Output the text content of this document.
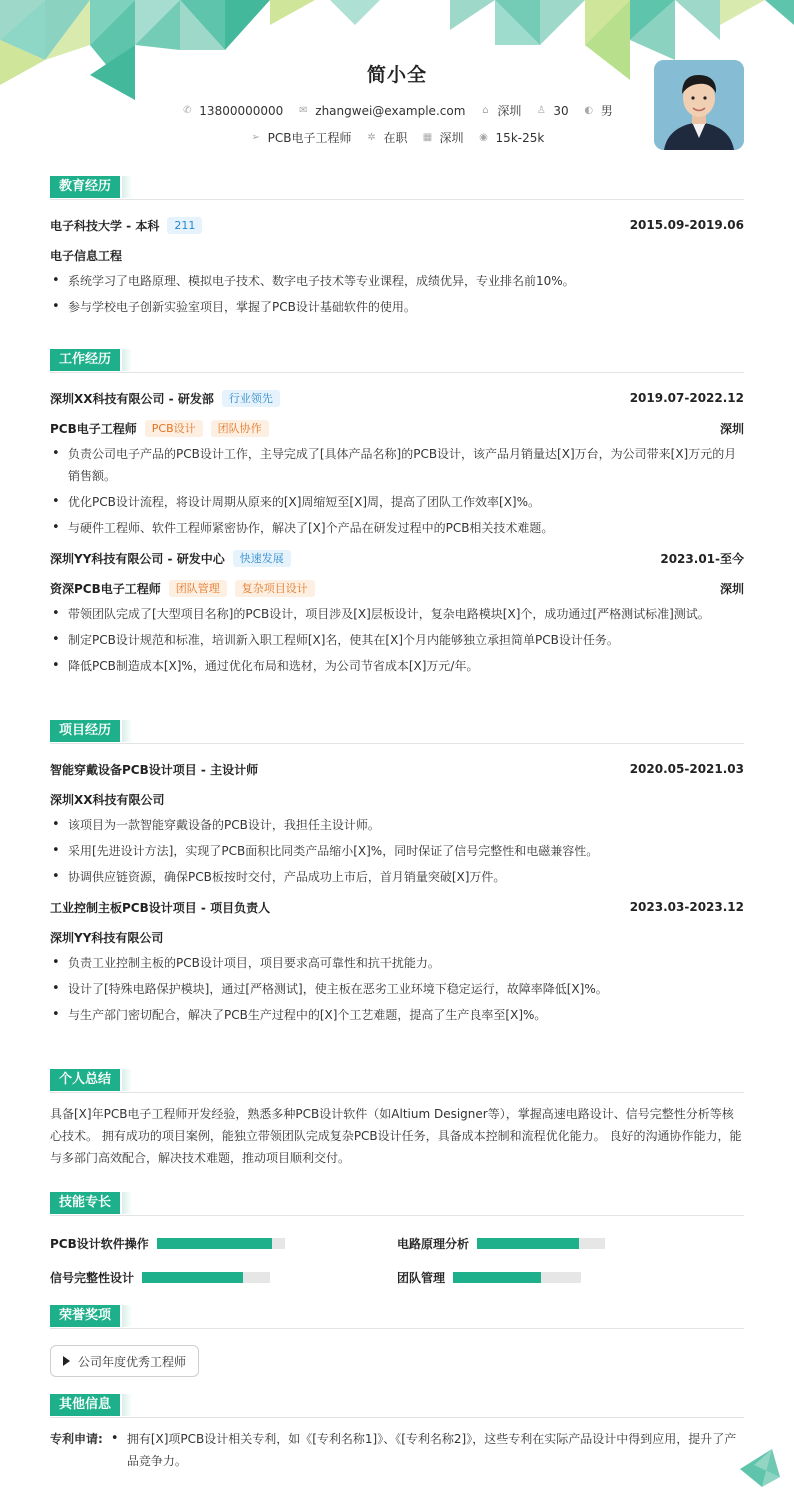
简小全
✆ 13800000000 ✉ zhangwei@example.com ⌂ 深圳 ♙ 30 ◐ 男
➢ PCB电子工程师 ✲ 在职 ▦ 深圳 ◉ 15k-25k
教育经历
电子科技大学 - 本科	211	2015.09-2019.06
电子信息工程
• 系统学习了电路原理、模拟电子技术、数字电子技术等专业课程，成绩优异，专业排名前10%。
• 参与学校电子创新实验室项目，掌握了PCB设计基础软件的使用。
工作经历
深圳XX科技有限公司 - 研发部	行业领先	2019.07-2022.12
PCB电子工程师	PCB设计	团队协作	深圳
• 负责公司电子产品的PCB设计工作，主导完成了[具体产品名称]的PCB设计，该产品月销量达[X]万台，为公司带来[X]万元的月销售额。
• 优化PCB设计流程，将设计周期从原来的[X]周缩短至[X]周，提高了团队工作效率[X]%。
• 与硬件工程师、软件工程师紧密协作，解决了[X]个产品在研发过程中的PCB相关技术难题。
深圳YY科技有限公司 - 研发中心	快速发展	2023.01-至今
资深PCB电子工程师	团队管理	复杂项目设计	深圳
• 带领团队完成了[大型项目名称]的PCB设计，项目涉及[X]层板设计，复杂电路模块[X]个，成功通过[严格测试标准]测试。
• 制定PCB设计规范和标准，培训新入职工程师[X]名，使其在[X]个月内能够独立承担简单PCB设计任务。
• 降低PCB制造成本[X]%，通过优化布局和选材，为公司节省成本[X]万元/年。
项目经历
智能穿戴设备PCB设计项目 - 主设计师	2020.05-2021.03
深圳XX科技有限公司
• 该项目为一款智能穿戴设备的PCB设计，我担任主设计师。
• 采用[先进设计方法]，实现了PCB面积比同类产品缩小[X]%，同时保证了信号完整性和电磁兼容性。
• 协调供应链资源，确保PCB板按时交付，产品成功上市后，首月销量突破[X]万件。
工业控制主板PCB设计项目 - 项目负责人	2023.03-2023.12
深圳YY科技有限公司
• 负责工业控制主板的PCB设计项目，项目要求高可靠性和抗干扰能力。
• 设计了[特殊电路保护模块]，通过[严格测试]，使主板在恶劣工业环境下稳定运行，故障率降低[X]%。
• 与生产部门密切配合，解决了PCB生产过程中的[X]个工艺难题，提高了生产良率至[X]%。
个人总结
具备[X]年PCB电子工程师开发经验，熟悉多种PCB设计软件（如Altium Designer等），掌握高速电路设计、信号完整性分析等核心技术。 拥有成功的项目案例，能独立带领团队完成复杂PCB设计任务，具备成本控制和流程优化能力。 良好的沟通协作能力，能与多部门高效配合，解决技术难题，推动项目顺利交付。
技能专长
PCB设计软件操作	电路原理分析
信号完整性设计	团队管理
荣誉奖项
公司年度优秀工程师
其他信息
专利申请:
•	拥有[X]项PCB设计相关专利，如《[专利名称1]》、《[专利名称2]》，这些专利在实际产品设计中得到应用，提升了产品竞争力。
